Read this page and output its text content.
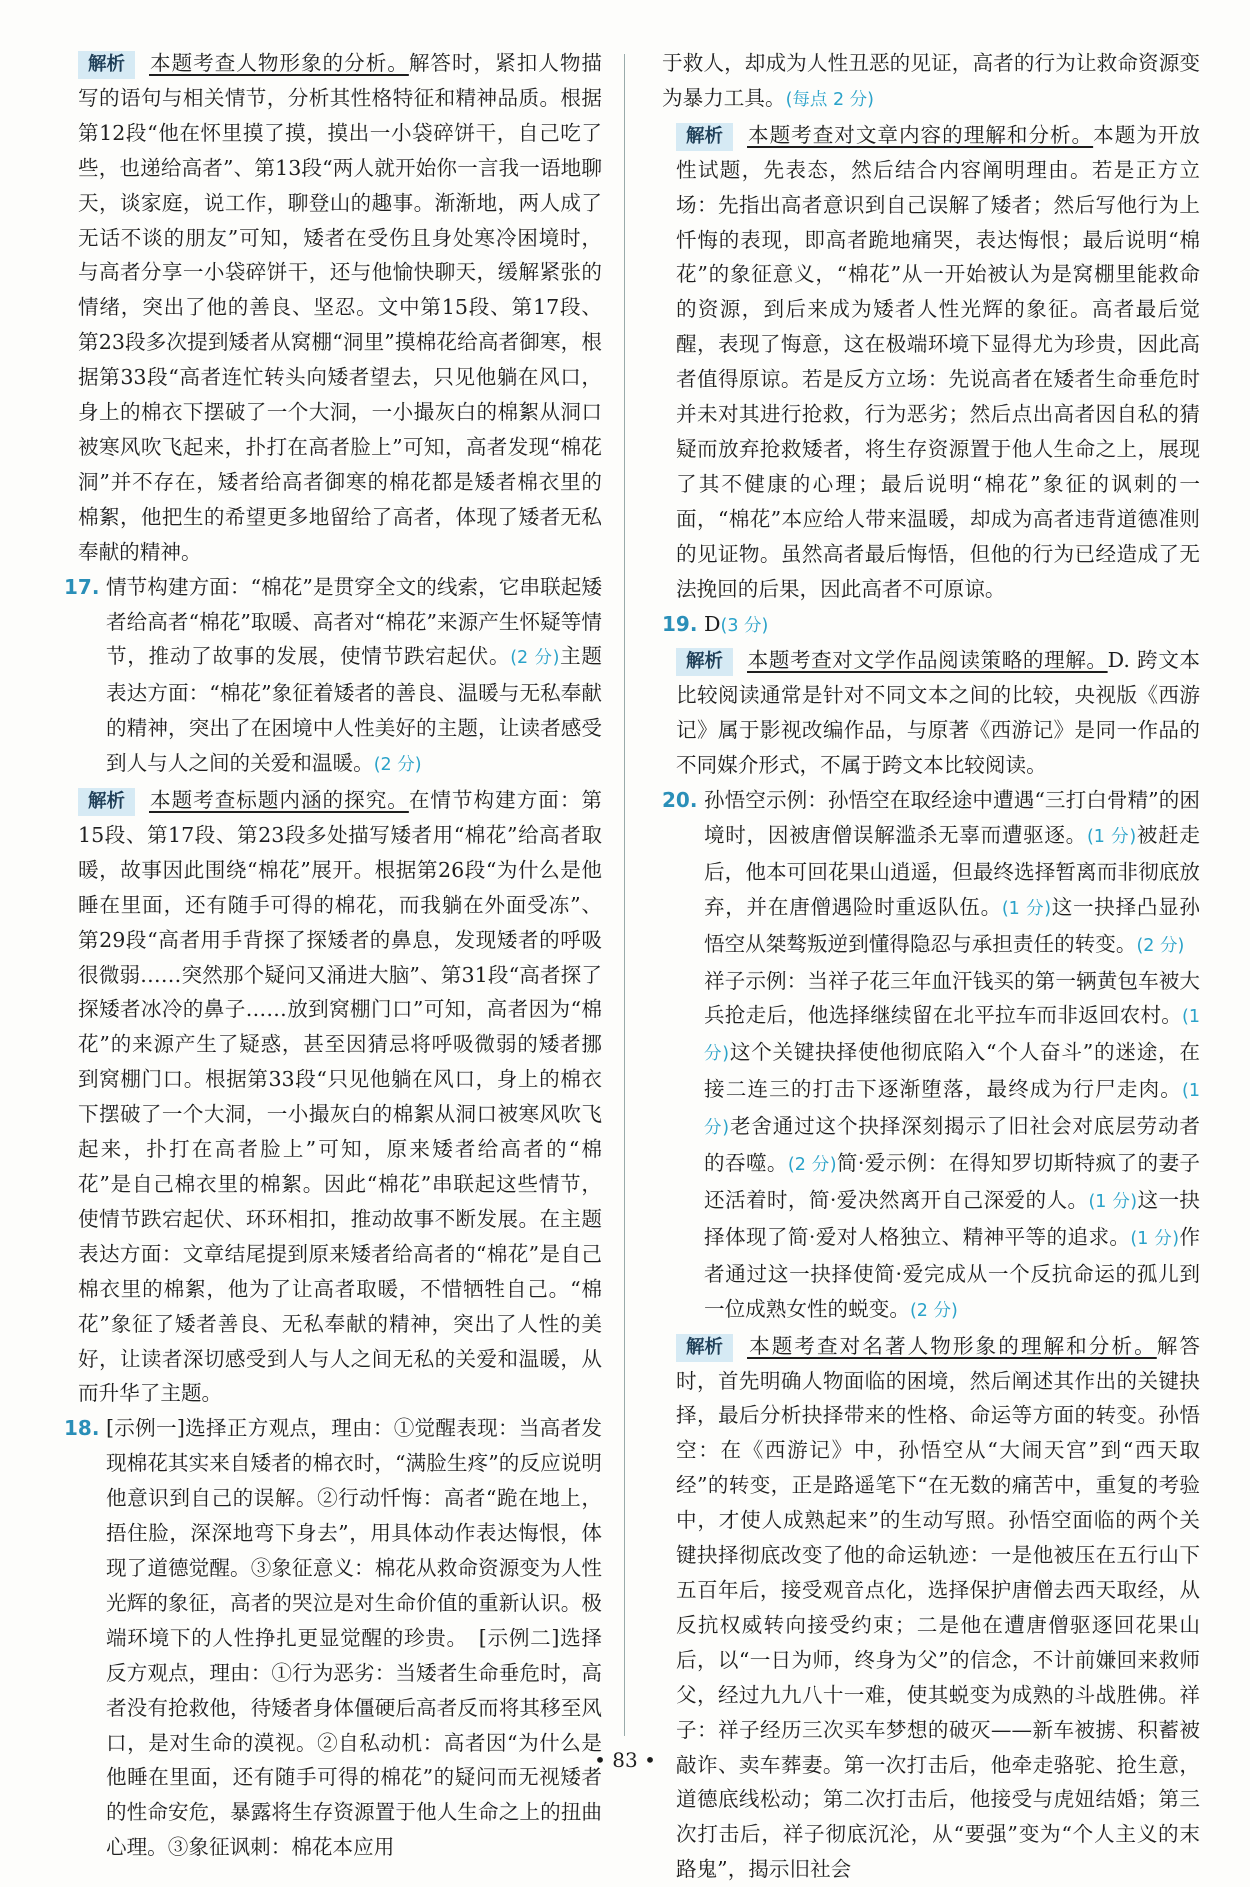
解析 本题考查人物形象的分析。解答时，紧扣人物描写的语句与相关情节，分析其性格特征和精神品质。根据第12段“他在怀里摸了摸，摸出一小袋碎饼干，自己吃了些，也递给高者”、第13段“两人就开始你一言我一语地聊天，谈家庭，说工作，聊登山的趣事。渐渐地，两人成了无话不谈的朋友”可知，矮者在受伤且身处寒冷困境时，与高者分享一小袋碎饼干，还与他愉快聊天，缓解紧张的情绪，突出了他的善良、坚忍。文中第15段、第17段、第23段多次提到矮者从窝棚“洞里”摸棉花给高者御寒，根据第33段“高者连忙转头向矮者望去，只见他躺在风口，身上的棉衣下摆破了一个大洞，一小撮灰白的棉絮从洞口被寒风吹飞起来，扑打在高者脸上”可知，高者发现“棉花洞”并不存在，矮者给高者御寒的棉花都是矮者棉衣里的棉絮，他把生的希望更多地留给了高者，体现了矮者无私奉献的精神。

17. 情节构建方面：“棉花”是贯穿全文的线索，它串联起矮者给高者“棉花”取暖、高者对“棉花”来源产生怀疑等情节，推动了故事的发展，使情节跌宕起伏。(2 分)主题表达方面：“棉花”象征着矮者的善良、温暖与无私奉献的精神，突出了在困境中人性美好的主题，让读者感受到人与人之间的关爱和温暖。(2 分)

解析 本题考查标题内涵的探究。在情节构建方面：第15段、第17段、第23段多处描写矮者用“棉花”给高者取暖，故事因此围绕“棉花”展开。根据第26段“为什么是他睡在里面，还有随手可得的棉花，而我躺在外面受冻”、第29段“高者用手背探了探矮者的鼻息，发现矮者的呼吸很微弱……突然那个疑问又涌进大脑”、第31段“高者探了探矮者冰冷的鼻子……放到窝棚门口”可知，高者因为“棉花”的来源产生了疑惑，甚至因猜忌将呼吸微弱的矮者挪到窝棚门口。根据第33段“只见他躺在风口，身上的棉衣下摆破了一个大洞，一小撮灰白的棉絮从洞口被寒风吹飞起来，扑打在高者脸上”可知，原来矮者给高者的“棉花”是自己棉衣里的棉絮。因此“棉花”串联起这些情节，使情节跌宕起伏、环环相扣，推动故事不断发展。在主题表达方面：文章结尾提到原来矮者给高者的“棉花”是自己棉衣里的棉絮，他为了让高者取暖，不惜牺牲自己。“棉花”象征了矮者善良、无私奉献的精神，突出了人性的美好，让读者深切感受到人与人之间无私的关爱和温暖，从而升华了主题。

18. [示例一]选择正方观点，理由：①觉醒表现：当高者发现棉花其实来自矮者的棉衣时，“满脸生疼”的反应说明他意识到自己的误解。②行动忏悔：高者“跪在地上，捂住脸，深深地弯下身去”，用具体动作表达悔恨，体现了道德觉醒。③象征意义：棉花从救命资源变为人性光辉的象征，高者的哭泣是对生命价值的重新认识。极端环境下的人性挣扎更显觉醒的珍贵。　[示例二]选择反方观点，理由：①行为恶劣：当矮者生命垂危时，高者没有抢救他，待矮者身体僵硬后高者反而将其移至风口，是对生命的漠视。②自私动机：高者因“为什么是他睡在里面，还有随手可得的棉花”的疑问而无视矮者的性命安危，暴露将生存资源置于他人生命之上的扭曲心理。③象征讽刺：棉花本应用

于救人，却成为人性丑恶的见证，高者的行为让救命资源变为暴力工具。(每点 2 分)

解析 本题考查对文章内容的理解和分析。本题为开放性试题，先表态，然后结合内容阐明理由。若是正方立场：先指出高者意识到自己误解了矮者；然后写他行为上忏悔的表现，即高者跪地痛哭，表达悔恨；最后说明“棉花”的象征意义，“棉花”从一开始被认为是窝棚里能救命的资源，到后来成为矮者人性光辉的象征。高者最后觉醒，表现了悔意，这在极端环境下显得尤为珍贵，因此高者值得原谅。若是反方立场：先说高者在矮者生命垂危时并未对其进行抢救，行为恶劣；然后点出高者因自私的猜疑而放弃抢救矮者，将生存资源置于他人生命之上，展现了其不健康的心理；最后说明“棉花”象征的讽刺的一面，“棉花”本应给人带来温暖，却成为高者违背道德准则的见证物。虽然高者最后悔悟，但他的行为已经造成了无法挽回的后果，因此高者不可原谅。

19. D(3 分)

解析 本题考查对文学作品阅读策略的理解。D. 跨文本比较阅读通常是针对不同文本之间的比较，央视版《西游记》属于影视改编作品，与原著《西游记》是同一作品的不同媒介形式，不属于跨文本比较阅读。

20. 孙悟空示例：孙悟空在取经途中遭遇“三打白骨精”的困境时，因被唐僧误解滥杀无辜而遭驱逐。(1 分)被赶走后，他本可回花果山逍遥，但最终选择暂离而非彻底放弃，并在唐僧遇险时重返队伍。(1 分)这一抉择凸显孙悟空从桀骜叛逆到懂得隐忍与承担责任的转变。(2 分)　祥子示例：当祥子花三年血汗钱买的第一辆黄包车被大兵抢走后，他选择继续留在北平拉车而非返回农村。(1 分)这个关键抉择使他彻底陷入“个人奋斗”的迷途，在接二连三的打击下逐渐堕落，最终成为行尸走肉。(1 分)老舍通过这个抉择深刻揭示了旧社会对底层劳动者的吞噬。(2 分)简·爱示例：在得知罗切斯特疯了的妻子还活着时，简·爱决然离开自己深爱的人。(1 分)这一抉择体现了简·爱对人格独立、精神平等的追求。(1 分)作者通过这一抉择使简·爱完成从一个反抗命运的孤儿到一位成熟女性的蜕变。(2 分)

解析 本题考查对名著人物形象的理解和分析。解答时，首先明确人物面临的困境，然后阐述其作出的关键抉择，最后分析抉择带来的性格、命运等方面的转变。孙悟空：在《西游记》中，孙悟空从“大闹天宫”到“西天取经”的转变，正是路遥笔下“在无数的痛苦中，重复的考验中，才使人成熟起来”的生动写照。孙悟空面临的两个关键抉择彻底改变了他的命运轨迹：一是他被压在五行山下五百年后，接受观音点化，选择保护唐僧去西天取经，从反抗权威转向接受约束；二是他在遭唐僧驱逐回花果山后，以“一日为师，终身为父”的信念，不计前嫌回来救师父，经过九九八十一难，使其蜕变为成熟的斗战胜佛。祥子：祥子经历三次买车梦想的破灭——新车被掳、积蓄被敲诈、卖车葬妻。第一次打击后，他牵走骆驼、抢生意，道德底线松动；第二次打击后，他接受与虎妞结婚；第三次打击后，祥子彻底沉沦，从“要强”变为“个人主义的末路鬼”，揭示旧社会

• 83 •
